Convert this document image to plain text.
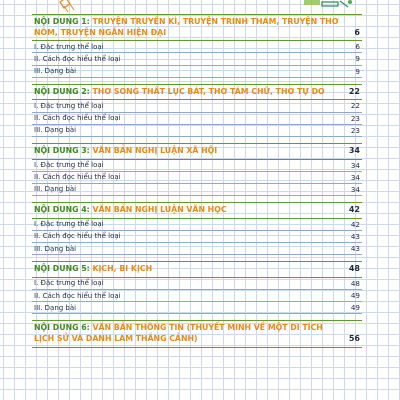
NỘI DUNG 1: TRUYỆN TRUYỀN KÌ, TRUYỆN TRINH THÁM, TRUYỆN THƠ NÔM, TRUYỆN NGẮN HIỆN ĐẠI	6
I. Đặc trưng thể loại	6
II. Cách đọc hiểu thể loại	9
III. Dạng bài	9
NỘI DUNG 2: THƠ SONG THẤT LỤC BÁT, THƠ TÁM CHỮ, THƠ TỰ DO	22
I. Đặc trưng thể loại	22
II. Cách đọc hiểu thể loại	23
III. Dạng bài	23
NỘI DUNG 3: VĂN BẢN NGHỊ LUẬN XÃ HỘI	34
I. Đặc trưng thể loại	34
II. Cách đọc hiểu thể loại	34
III. Dạng bài	34
NỘI DUNG 4: VĂN BẢN NGHỊ LUẬN VĂN HỌC	42
I. Đặc trưng thể loại	42
II. Cách đọc hiểu thể loại	43
III. Dạng bài	43
NỘI DUNG 5: KỊCH, BI KỊCH	48
I. Đặc trưng thể loại	48
II. Cách đọc hiểu thể loại	49
III. Dạng bài	49
NỘI DUNG 6: VĂN BẢN THÔNG TIN (THUYẾT MINH VỀ MỘT DI TÍCH LỊCH SỬ VÀ DANH LAM THẮNG CẢNH)	56
